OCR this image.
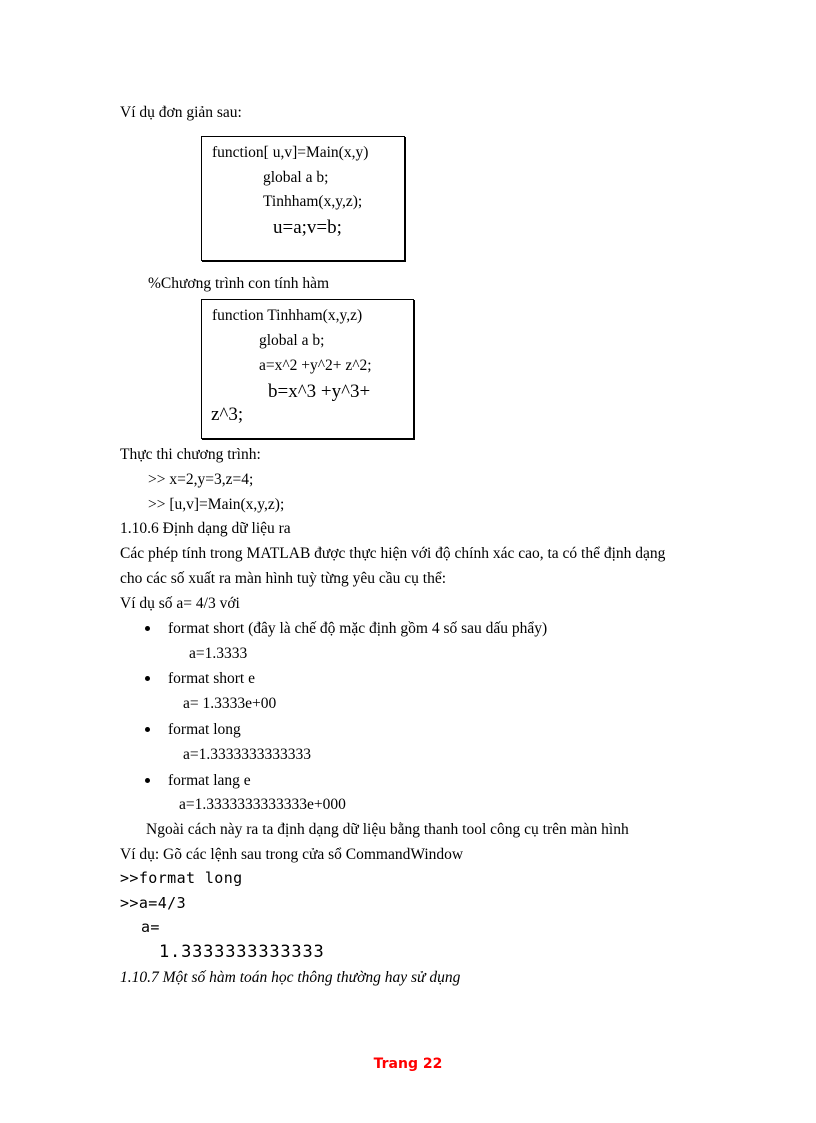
Ví dụ đơn giản sau:
function[ u,v]=Main(x,y)
global a b;
Tinhham(x,y,z);
u=a;v=b;
%Chương trình con tính hàm
function Tinhham(x,y,z)
global a b;
a=x^2 +y^2+ z^2;
b=x^3 +y^3+
z^3;
Thực thi chương trình:
>> x=2,y=3,z=4;
>> [u,v]=Main(x,y,z);
1.10.6 Định dạng dữ liệu ra
Các phép tính trong MATLAB được thực hiện với độ chính xác cao, ta có thể định dạng
cho các số xuất ra màn hình tuỳ từng yêu cầu cụ thể:
Ví dụ số a= 4/3 với
format short (đây là chế độ mặc định gồm 4 số sau dấu phẩy)
a=1.3333
format short e
a= 1.3333e+00
format long
a=1.3333333333333
format lang e
a=1.3333333333333e+000
Ngoài cách này ra ta định dạng dữ liệu bằng thanh tool công cụ trên màn hình
Ví dụ: Gõ các lệnh sau trong cửa sổ CommandWindow
>>format long
>>a=4/3
a=
1.3333333333333
1.10.7 Một số hàm toán học thông thường hay sử dụng
Trang 22
